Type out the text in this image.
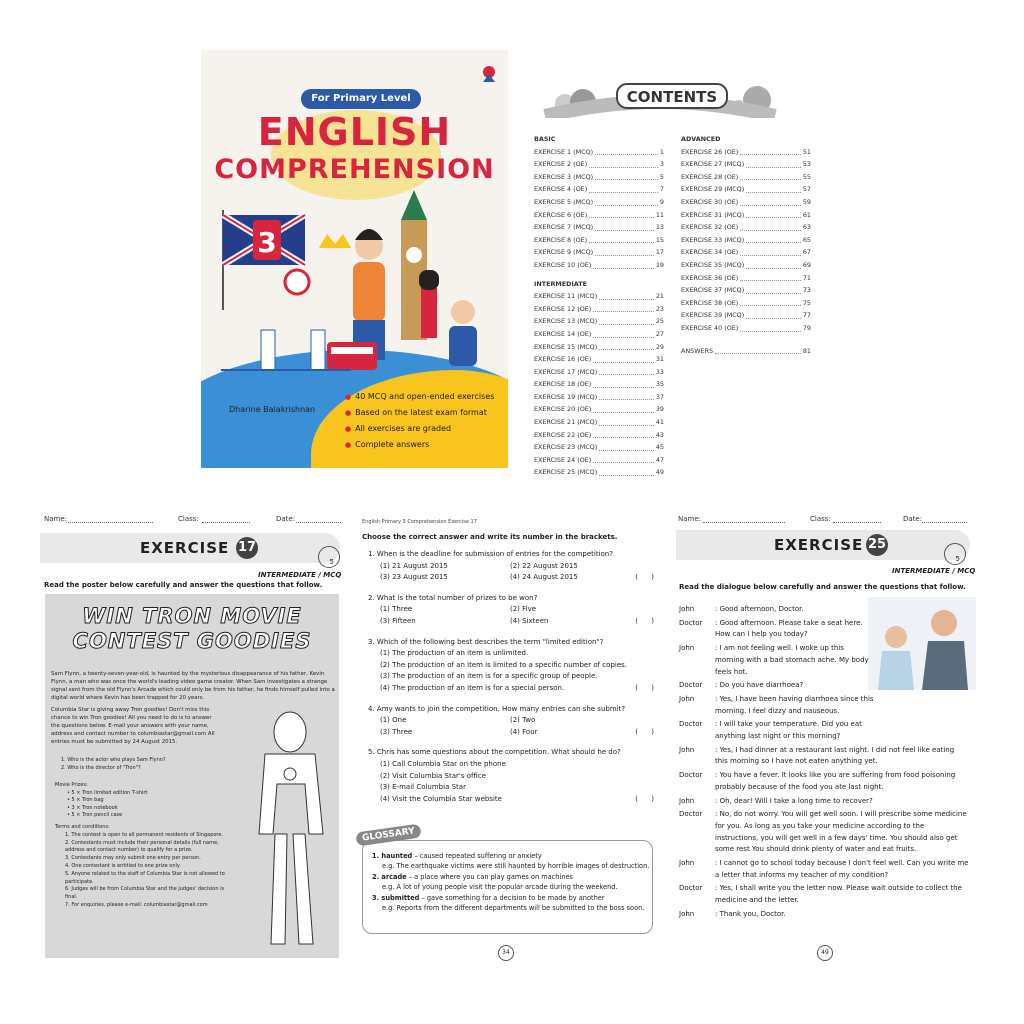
For Primary Level
ENGLISH
COMPREHENSION
3
Dharine Balakrishnan
● 40 MCQ and open-ended exercises
● Based on the latest exam format
● All exercises are graded
● Complete answers
CONTENTS
BASIC
EXERCISE 1 (MCQ)	1
EXERCISE 2 (OE)	3
EXERCISE 3 (MCQ)	5
EXERCISE 4 (OE)	7
EXERCISE 5 (MCQ)	9
EXERCISE 6 (OE)	11
EXERCISE 7 (MCQ)	13
EXERCISE 8 (OE)	15
EXERCISE 9 (MCQ)	17
EXERCISE 10 (OE)	19
INTERMEDIATE
EXERCISE 11 (MCQ)	21
EXERCISE 12 (OE)	23
EXERCISE 13 (MCQ)	25
EXERCISE 14 (OE)	27
EXERCISE 15 (MCQ)	29
EXERCISE 16 (OE)	31
EXERCISE 17 (MCQ)	33
EXERCISE 18 (OE)	35
EXERCISE 19 (MCQ)	37
EXERCISE 20 (OE)	39
EXERCISE 21 (MCQ)	41
EXERCISE 22 (OE)	43
EXERCISE 23 (MCQ)	45
EXERCISE 24 (OE)	47
EXERCISE 25 (MCQ)	49
ADVANCED
EXERCISE 26 (OE)	51
EXERCISE 27 (MCQ)	53
EXERCISE 28 (OE)	55
EXERCISE 29 (MCQ)	57
EXERCISE 30 (OE)	59
EXERCISE 31 (MCQ)	61
EXERCISE 32 (OE)	63
EXERCISE 33 (MCQ)	65
EXERCISE 34 (OE)	67
EXERCISE 35 (MCQ)	69
EXERCISE 36 (OE)	71
EXERCISE 37 (MCQ)	73
EXERCISE 38 (OE)	75
EXERCISE 39 (MCQ)	77
EXERCISE 40 (OE)	79
ANSWERS	81
Name:	Class:	Date:
EXERCISE 17
5
INTERMEDIATE / MCQ
Read the poster below carefully and answer the questions that follow.
WIN TRON MOVIE
CONTEST GOODIES
Sam Flynn, a twenty-seven-year-old, is haunted by the mysterious disappearance of his father, Kevin Flynn, a man who was once the world's leading video game creator. When Sam investigates a strange signal sent from the old Flynn's Arcade which could only be from his father, he finds himself pulled into a digital world where Kevin has been trapped for 20 years.
Columbia Star is giving away Tron goodies! Don't miss this chance to win Tron goodies! All you need to do is to answer the questions below. E-mail your answers with your name, address and contact number to columbiastar@gmail.com All entries must be submitted by 24 August 2015.
1. Who is the actor who plays Sam Flynn?
2. Who is the director of "Tron"?
Movie Prizes:
• 5 × Tron limited edition T-shirt
• 5 × Tron bag
• 3 × Tron notebook
• 5 × Tron pencil case
Terms and conditions:
1. The contest is open to all permanent residents of Singapore.
2. Contestants must include their personal details (full name, address and contact number) to qualify for a prize.
3. Contestants may only submit one entry per person.
4. One contestant is entitled to one prize only.
5. Anyone related to the staff of Columbia Star is not allowed to participate.
6. Judges will be from Columbia Star and the judges' decision is final.
7. For enquiries, please e-mail: columbiastar@gmail.com
English Primary 3 Comprehension Exercise 17
Choose the correct answer and write its number in the brackets.
1. When is the deadline for submission of entries for the competition?
(1) 21 August 2015	(2) 22 August 2015
(3) 23 August 2015	(4) 24 August 2015	(      )
2. What is the total number of prizes to be won?
(1) Three	(2) Five
(3) Fifteen	(4) Sixteen	(      )
3. Which of the following best describes the term "limited edition"?
(1) The production of an item is unlimited.
(2) The production of an item is limited to a specific number of copies.
(3) The production of an item is for a specific group of people.
(4) The production of an item is for a special person.	(      )
4. Amy wants to join the competition. How many entries can she submit?
(1) One	(2) Two
(3) Three	(4) Four	(      )
5. Chris has some questions about the competition. What should he do?
(1) Call Columbia Star on the phone
(2) Visit Columbia Star's office
(3) E-mail Columbia Star
(4) Visit the Columbia Star website	(      )
GLOSSARY
1. haunted – caused repeated suffering or anxiety
e.g. The earthquake victims were still haunted by horrible images of destruction.
2. arcade – a place where you can play games on machines
e.g. A lot of young people visit the popular arcade during the weekend.
3. submitted – gave something for a decision to be made by another
e.g. Reports from the different departments will be submitted to the boss soon.
34
Name:	Class:	Date:
EXERCISE 25
5
INTERMEDIATE / MCQ
Read the dialogue below carefully and answer the questions that follow.
John	: Good afternoon, Doctor.
Doctor	: Good afternoon. Please take a seat here. How can I help you today?
John	: I am not feeling well. I woke up this morning with a bad stomach ache. My body feels hot.
Doctor	: Do you have diarrhoea?
John	: Yes, I have been having diarrhoea since this morning. I feel dizzy and nauseous.
Doctor	: I will take your temperature. Did you eat anything last night or this morning?
John	: Yes, I had dinner at a restaurant last night. I did not feel like eating this morning so I have not eaten anything yet.
Doctor	: You have a fever. It looks like you are suffering from food poisoning probably because of the food you ate last night.
John	: Oh, dear! Will I take a long time to recover?
Doctor	: No, do not worry. You will get well soon. I will prescribe some medicine for you. As long as you take your medicine according to the instructions, you will get well in a few days' time. You should also get some rest You should drink plenty of water and eat fruits.
John	: I cannot go to school today because I don't feel well. Can you write me a letter that informs my teacher of my condition?
Doctor	: Yes, I shall write you the letter now. Please wait outside to collect the medicine and the letter.
John	: Thank you, Doctor.
49
